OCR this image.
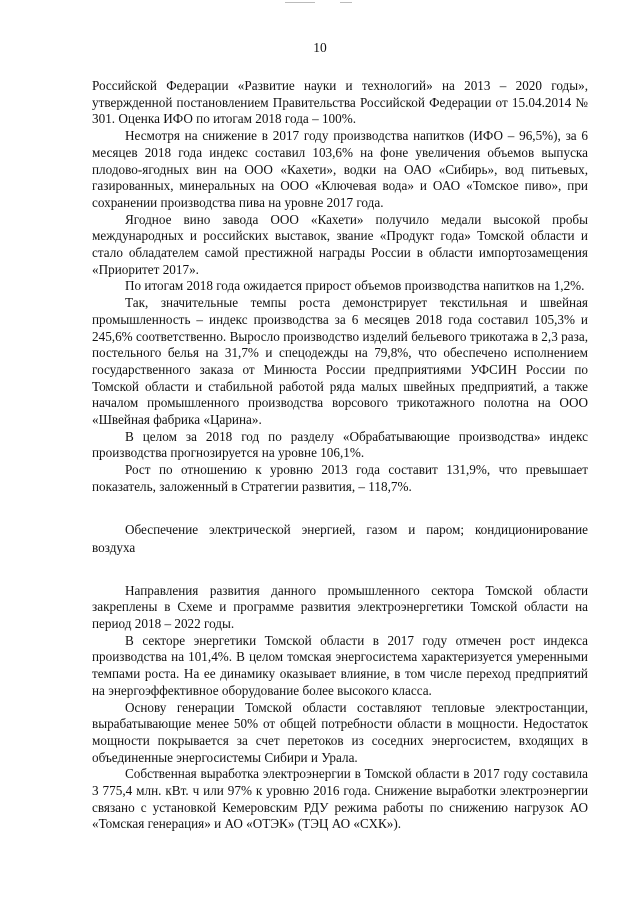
10

Российской Федерации «Развитие науки и технологий» на 2013 – 2020 годы», утвержденной постановлением Правительства Российской Федерации от 15.04.2014 № 301. Оценка ИФО по итогам 2018 года – 100%.

Несмотря на снижение в 2017 году производства напитков (ИФО – 96,5%), за 6 месяцев 2018 года индекс составил 103,6% на фоне увеличения объемов выпуска плодово-ягодных вин на ООО «Кахети», водки на ОАО «Сибирь», вод питьевых, газированных, минеральных на ООО «Ключевая вода» и ОАО «Томское пиво», при сохранении производства пива на уровне 2017 года.

Ягодное вино завода ООО «Кахети» получило медали высокой пробы международных и российских выставок, звание «Продукт года» Томской области и стало обладателем самой престижной награды России в области импортозамещения «Приоритет 2017».

По итогам 2018 года ожидается прирост объемов производства напитков на 1,2%.

Так, значительные темпы роста демонстрирует текстильная и швейная промышленность – индекс производства за 6 месяцев 2018 года составил 105,3% и 245,6% соответственно. Выросло производство изделий бельевого трикотажа в 2,3 раза, постельного белья на 31,7% и спецодежды на 79,8%, что обеспечено исполнением государственного заказа от Минюста России предприятиями УФСИН России по Томской области и стабильной работой ряда малых швейных предприятий, а также началом промышленного производства ворсового трикотажного полотна на ООО «Швейная фабрика «Царина».

В целом за 2018 год по разделу «Обрабатывающие производства» индекс производства прогнозируется на уровне 106,1%.

Рост по отношению к уровню 2013 года составит 131,9%, что превышает показатель, заложенный в Стратегии развития, – 118,7%.

Обеспечение электрической энергией, газом и паром; кондиционирование воздуха

Направления развития данного промышленного сектора Томской области закреплены в Схеме и программе развития электроэнергетики Томской области на период 2018 – 2022 годы.

В секторе энергетики Томской области в 2017 году отмечен рост индекса производства на 101,4%. В целом томская энергосистема характеризуется умеренными темпами роста. На ее динамику оказывает влияние, в том числе переход предприятий на энергоэффективное оборудование более высокого класса.

Основу генерации Томской области составляют тепловые электростанции, вырабатывающие менее 50% от общей потребности области в мощности. Недостаток мощности покрывается за счет перетоков из соседних энергосистем, входящих в объединенные энергосистемы Сибири и Урала.

Собственная выработка электроэнергии в Томской области в 2017 году составила 3 775,4 млн. кВт. ч или 97% к уровню 2016 года. Снижение выработки электроэнергии связано с установкой Кемеровским РДУ режима работы по снижению нагрузок АО «Томская генерация» и АО «ОТЭК» (ТЭЦ АО «СХК»).
